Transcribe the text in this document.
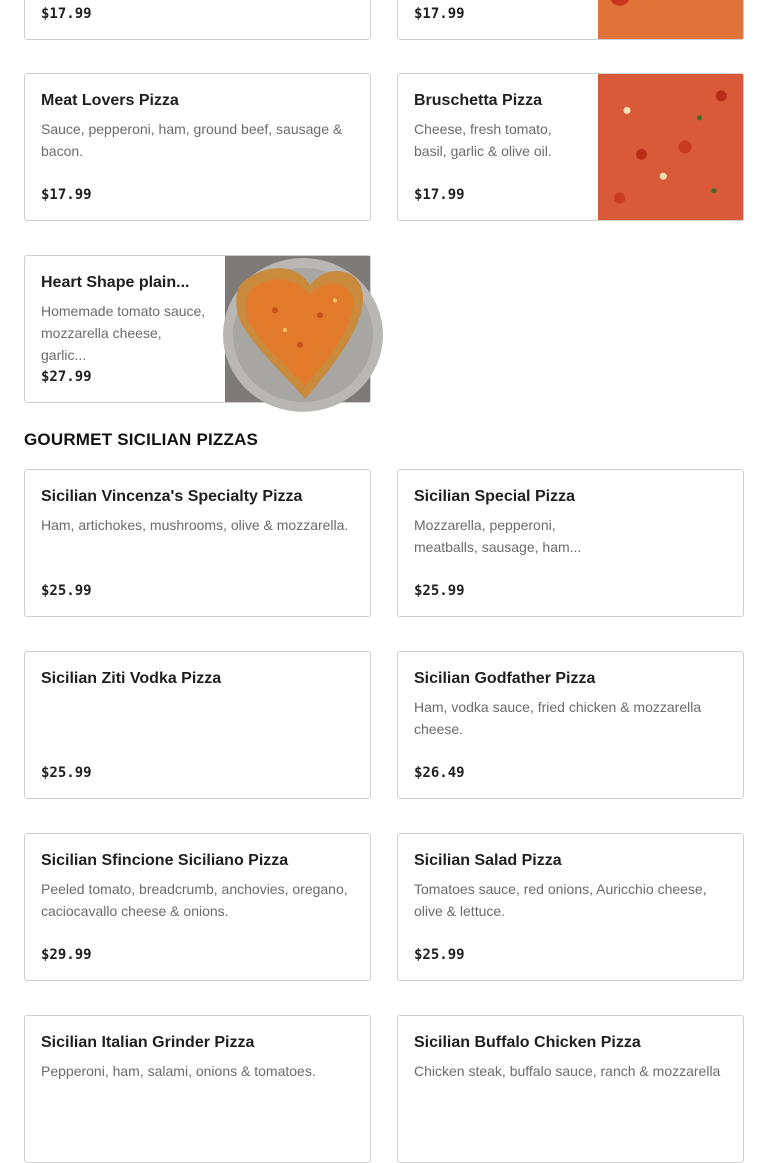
$17.99	$17.99
Meat Lovers Pizza
Sauce, pepperoni, ham, ground beef, sausage & bacon.
$17.99
Bruschetta Pizza
Cheese, fresh tomato, basil, garlic & olive oil.
$17.99
Heart Shape plain...
Homemade tomato sauce, mozzarella cheese, garlic...
$27.99
GOURMET SICILIAN PIZZAS
Sicilian Vincenza's Specialty Pizza
Ham, artichokes, mushrooms, olive & mozzarella.
$25.99
Sicilian Special Pizza
Mozzarella, pepperoni, meatballs, sausage, ham...
$25.99
Sicilian Ziti Vodka Pizza
$25.99
Sicilian Godfather Pizza
Ham, vodka sauce, fried chicken & mozzarella cheese.
$26.49
Sicilian Sfincione Siciliano Pizza
Peeled tomato, breadcrumb, anchovies, oregano, caciocavallo cheese & onions.
$29.99
Sicilian Salad Pizza
Tomatoes sauce, red onions, Auricchio cheese, olive & lettuce.
$25.99
Sicilian Italian Grinder Pizza
Pepperoni, ham, salami, onions & tomatoes.
Sicilian Buffalo Chicken Pizza
Chicken steak, buffalo sauce, ranch & mozzarella
